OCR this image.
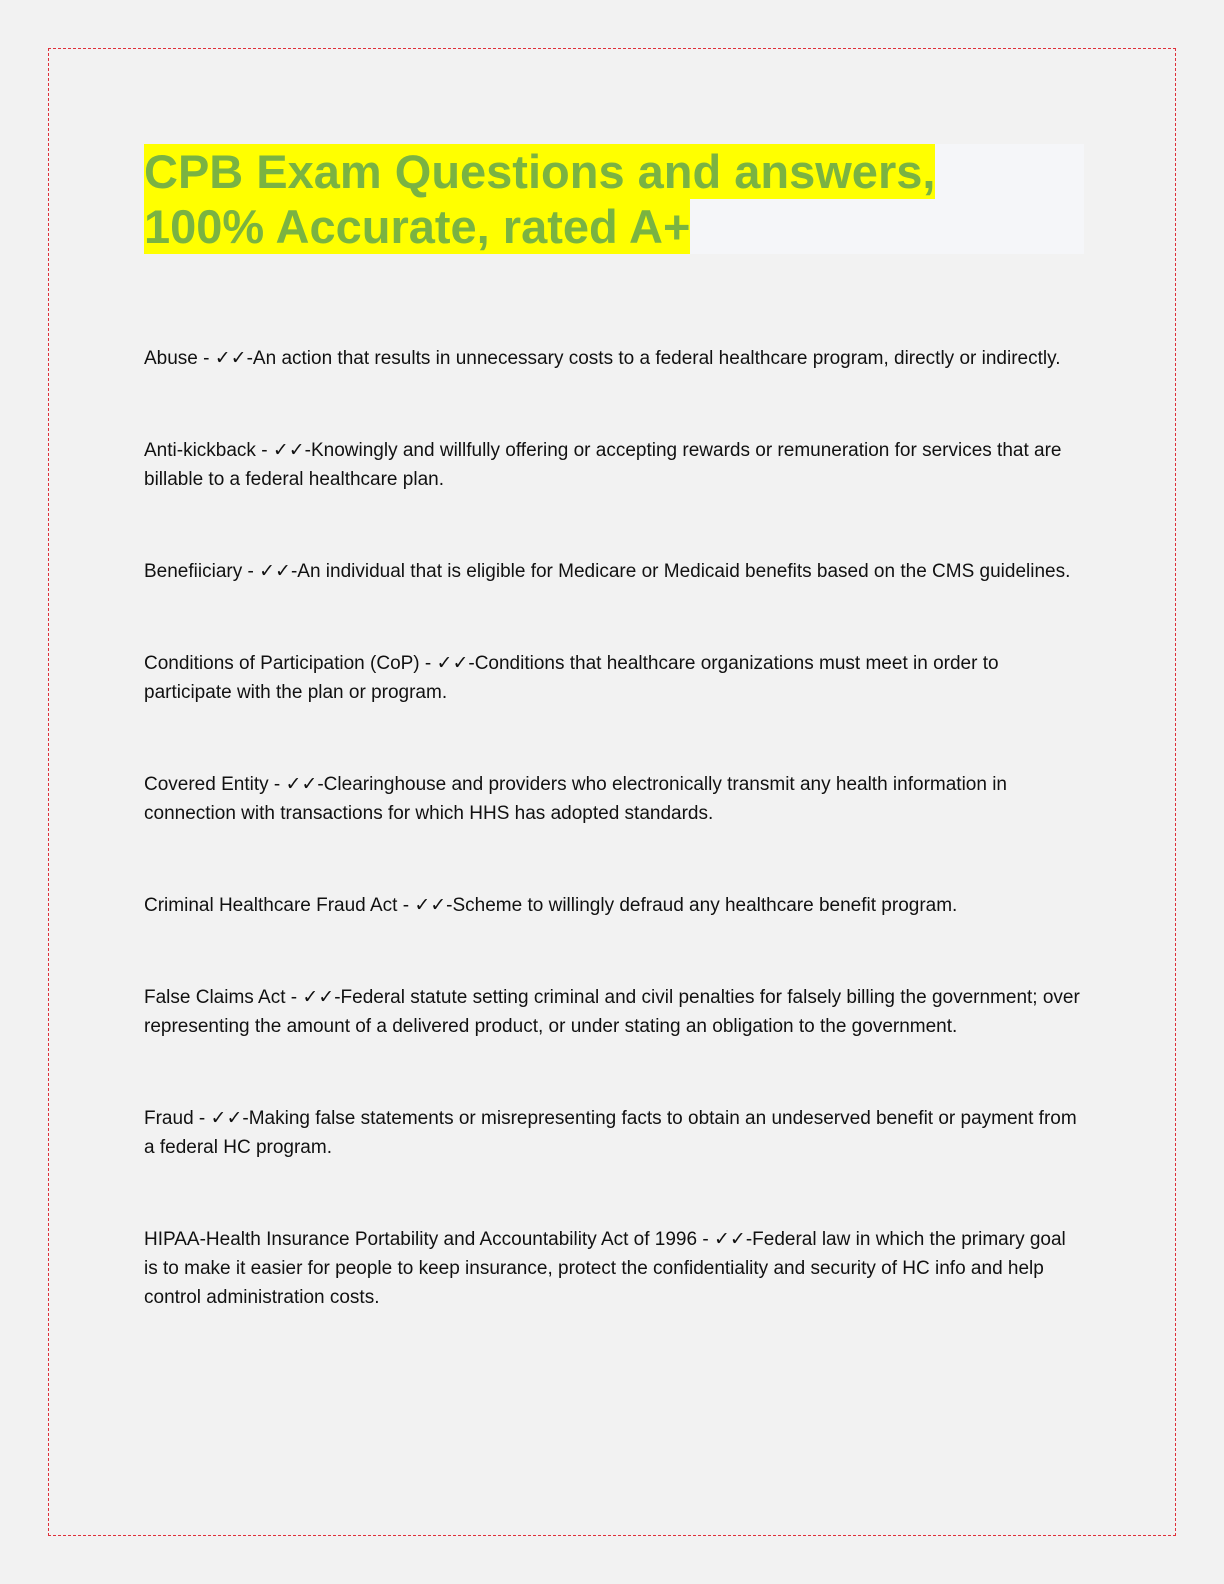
CPB Exam Questions and answers,
100% Accurate, rated A+

Abuse - ✓✓-An action that results in unnecessary costs to a federal healthcare program, directly or indirectly.

Anti-kickback - ✓✓-Knowingly and willfully offering or accepting rewards or remuneration for services that are billable to a federal healthcare plan.

Benefiiciary - ✓✓-An individual that is eligible for Medicare or Medicaid benefits based on the CMS guidelines.

Conditions of Participation (CoP) - ✓✓-Conditions that healthcare organizations must meet in order to participate with the plan or program.

Covered Entity - ✓✓-Clearinghouse and providers who electronically transmit any health information in connection with transactions for which HHS has adopted standards.

Criminal Healthcare Fraud Act - ✓✓-Scheme to willingly defraud any healthcare benefit program.

False Claims Act - ✓✓-Federal statute setting criminal and civil penalties for falsely billing the government; over representing the amount of a delivered product, or under stating an obligation to the government.

Fraud - ✓✓-Making false statements or misrepresenting facts to obtain an undeserved benefit or payment from a federal HC program.

HIPAA-Health Insurance Portability and Accountability Act of 1996 - ✓✓-Federal law in which the primary goal is to make it easier for people to keep insurance, protect the confidentiality and security of HC info and help control administration costs.
